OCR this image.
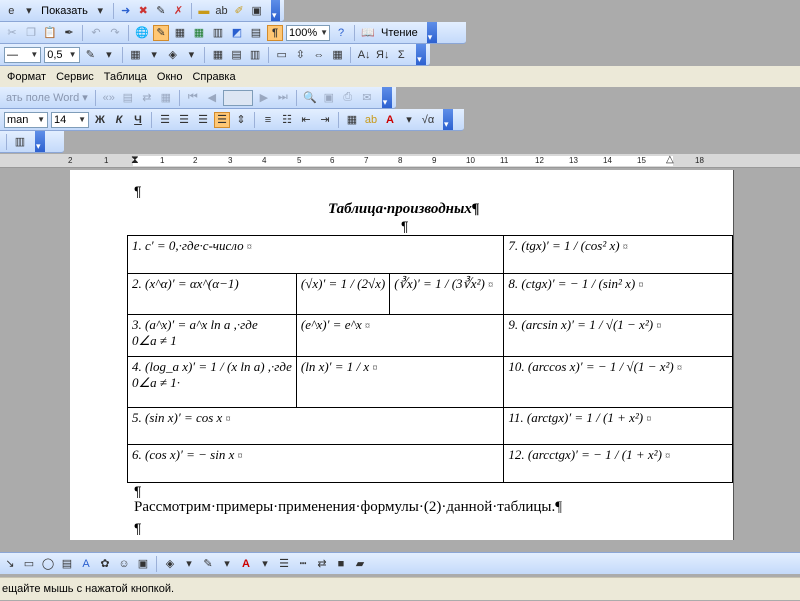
e	▾ Показать ▾	➜ ✖ ✎ ✗ ▬ ab ✐ ▣
▾
✂ ❐ 📋 ✒	↶ ↷	🌐 ✎ ▦ ▦ ▥ ◩ ▤ ¶ 100% ▼ ?	📖 Чтение
▾
— ▼ 0,5 ▼ ✎	▾	▦ ▾	◈	▾	▦ ▤ ▥ ▭ ⇳ ⇔ ▦ A↓ Я↓ Σ
▾
Формат Сервис Таблица Окно Справка
ать поле Word ▾ «» ▤ ⇄ ▦ ⏮ ◀	▶ ⏭ 🔍 ▣ ⎙ ✉
▾
man ▼ 14 ▼ Ж К	Ч	☰ ☰ ☰ ☰ ⇕	≡ ☷ ⇤ ⇥	▦ ab A	▾ √α
▾
▥
▾
2	1 ⧗	1	2	3	4	5	6	7	8	9	10	11	12	13	14	15 △	18
¶
Таблица·производных¶
¶
1. c′ = 0,·где·c-число ¤			7. (tgx)′ = 1 / (cos² x) ¤
2. (x^α)′ = αx^(α−1)	(√x)′ = 1 / (2√x)	(∛x)′ = 1 / (3∛x²) ¤	8. (ctgx)′ = − 1 / (sin² x) ¤
3. (a^x)′ = a^x ln a ,·где
0∠a ≠ 1	(e^x)′ = e^x ¤		9. (arcsin x)′ = 1 / √(1 − x²) ¤
4. (log_a x)′ = 1 / (x ln a) ,·где
0∠a ≠ 1·	(ln x)′ = 1 / x ¤		10. (arccos x)′ = − 1 / √(1 − x²) ¤
5. (sin x)′ = cos x ¤			11. (arctgx)′ = 1 / (1 + x²) ¤
6. (cos x)′ = − sin x ¤			12. (arcctgx)′ = − 1 / (1 + x²) ¤
¶
Рассмотрим·примеры·применения·формулы·(2)·данной·таблицы.¶
¶
↘ ▭ ◯ ▤ A ✿ ☺ ▣	◈	▾	✎	▾	A	▾	☰ ┅	⇄	■	▰
ещайте мышь с нажатой кнопкой.
